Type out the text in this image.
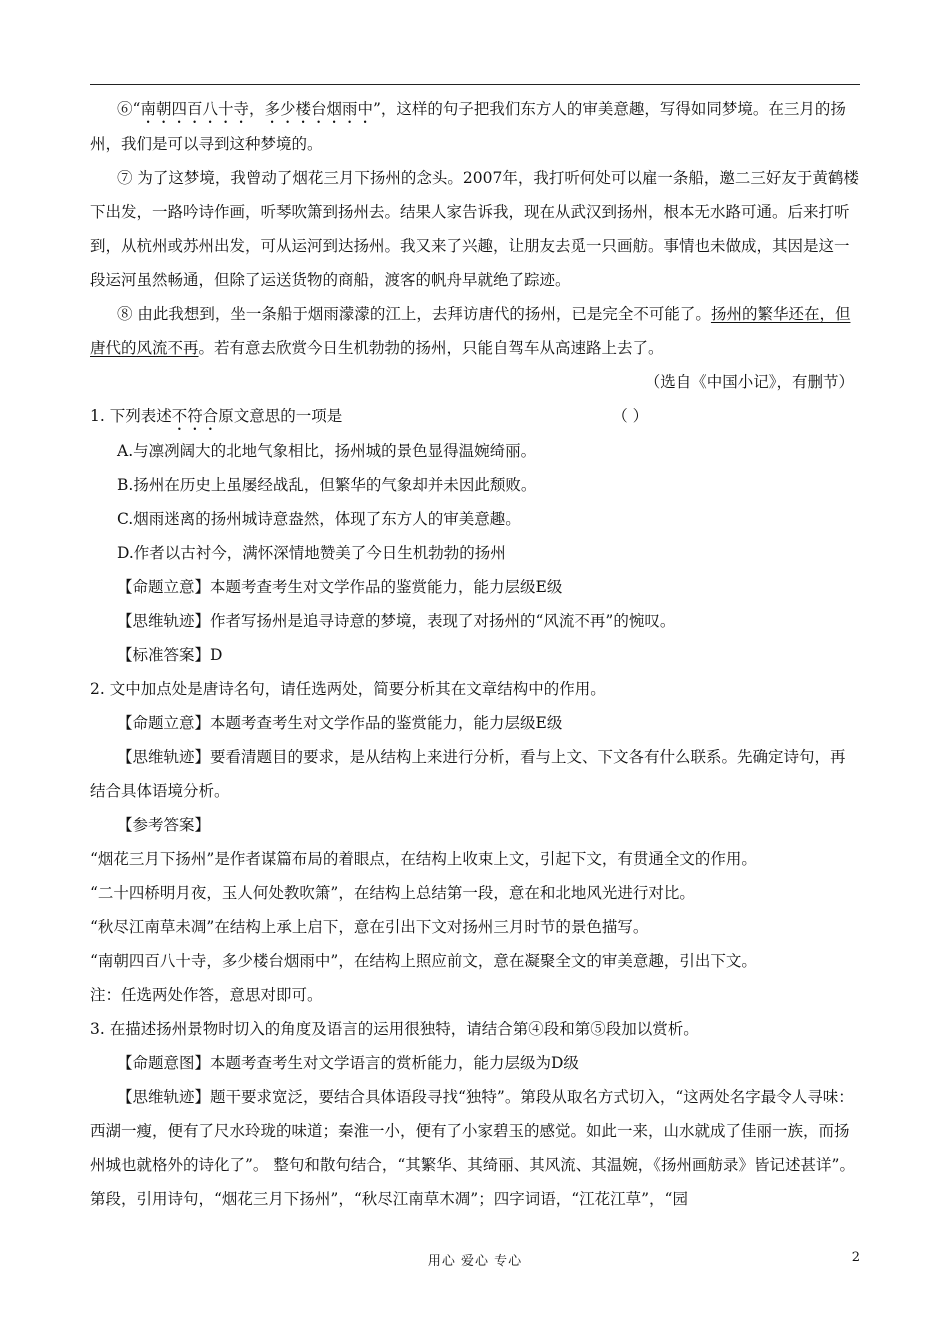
⑥“南朝四百八十寺，多少楼台烟雨中”，这样的句子把我们东方人的审美意趣，写得如同梦境。在三月的扬州，我们是可以寻到这种梦境的。

⑦ 为了这梦境，我曾动了烟花三月下扬州的念头。2007年，我打听何处可以雇一条船，邀二三好友于黄鹤楼下出发，一路吟诗作画，听琴吹箫到扬州去。结果人家告诉我，现在从武汉到扬州，根本无水路可通。后来打听到，从杭州或苏州出发，可从运河到达扬州。我又来了兴趣，让朋友去觅一只画舫。事情也未做成，其因是这一段运河虽然畅通，但除了运送货物的商船，渡客的帆舟早就绝了踪迹。

⑧ 由此我想到，坐一条船于烟雨濛濛的江上，去拜访唐代的扬州，已是完全不可能了。扬州的繁华还在，但唐代的风流不再。若有意去欣赏今日生机勃勃的扬州，只能自驾车从高速路上去了。

（选自《中国小记》，有删节）

1. 下列表述不符合原文意思的一项是	（ ）

A.与凛冽阔大的北地气象相比，扬州城的景色显得温婉绮丽。

B.扬州在历史上虽屡经战乱，但繁华的气象却并未因此颓败。

C.烟雨迷离的扬州城诗意盎然，体现了东方人的审美意趣。

D.作者以古衬今，满怀深情地赞美了今日生机勃勃的扬州

【命题立意】本题考查考生对文学作品的鉴赏能力，能力层级E级

【思维轨迹】作者写扬州是追寻诗意的梦境，表现了对扬州的“风流不再”的惋叹。

【标准答案】D

2. 文中加点处是唐诗名句，请任选两处，简要分析其在文章结构中的作用。

【命题立意】本题考查考生对文学作品的鉴赏能力，能力层级E级

【思维轨迹】要看清题目的要求，是从结构上来进行分析，看与上文、下文各有什么联系。先确定诗句，再结合具体语境分析。

【参考答案】

“烟花三月下扬州”是作者谋篇布局的着眼点，在结构上收束上文，引起下文，有贯通全文的作用。

“二十四桥明月夜，玉人何处教吹箫”，在结构上总结第一段，意在和北地风光进行对比。

“秋尽江南草未凋”在结构上承上启下，意在引出下文对扬州三月时节的景色描写。

“南朝四百八十寺，多少楼台烟雨中”，在结构上照应前文，意在凝聚全文的审美意趣，引出下文。

注：任选两处作答，意思对即可。

3. 在描述扬州景物时切入的角度及语言的运用很独特，请结合第④段和第⑤段加以赏析。

【命题意图】本题考查考生对文学语言的赏析能力，能力层级为D级

【思维轨迹】题干要求宽泛，要结合具体语段寻找“独特”。第段从取名方式切入，“这两处名字最令人寻味：西湖一瘦，便有了尺水玲珑的味道；秦淮一小，便有了小家碧玉的感觉。如此一来，山水就成了佳丽一族，而扬州城也就格外的诗化了”。 整句和散句结合，“其繁华、其绮丽、其风流、其温婉，《扬州画舫录》皆记述甚详”。第段，引用诗句，“烟花三月下扬州”，“秋尽江南草木凋”；四字词语，“江花江草”，“园

用心 爱心 专心	2
